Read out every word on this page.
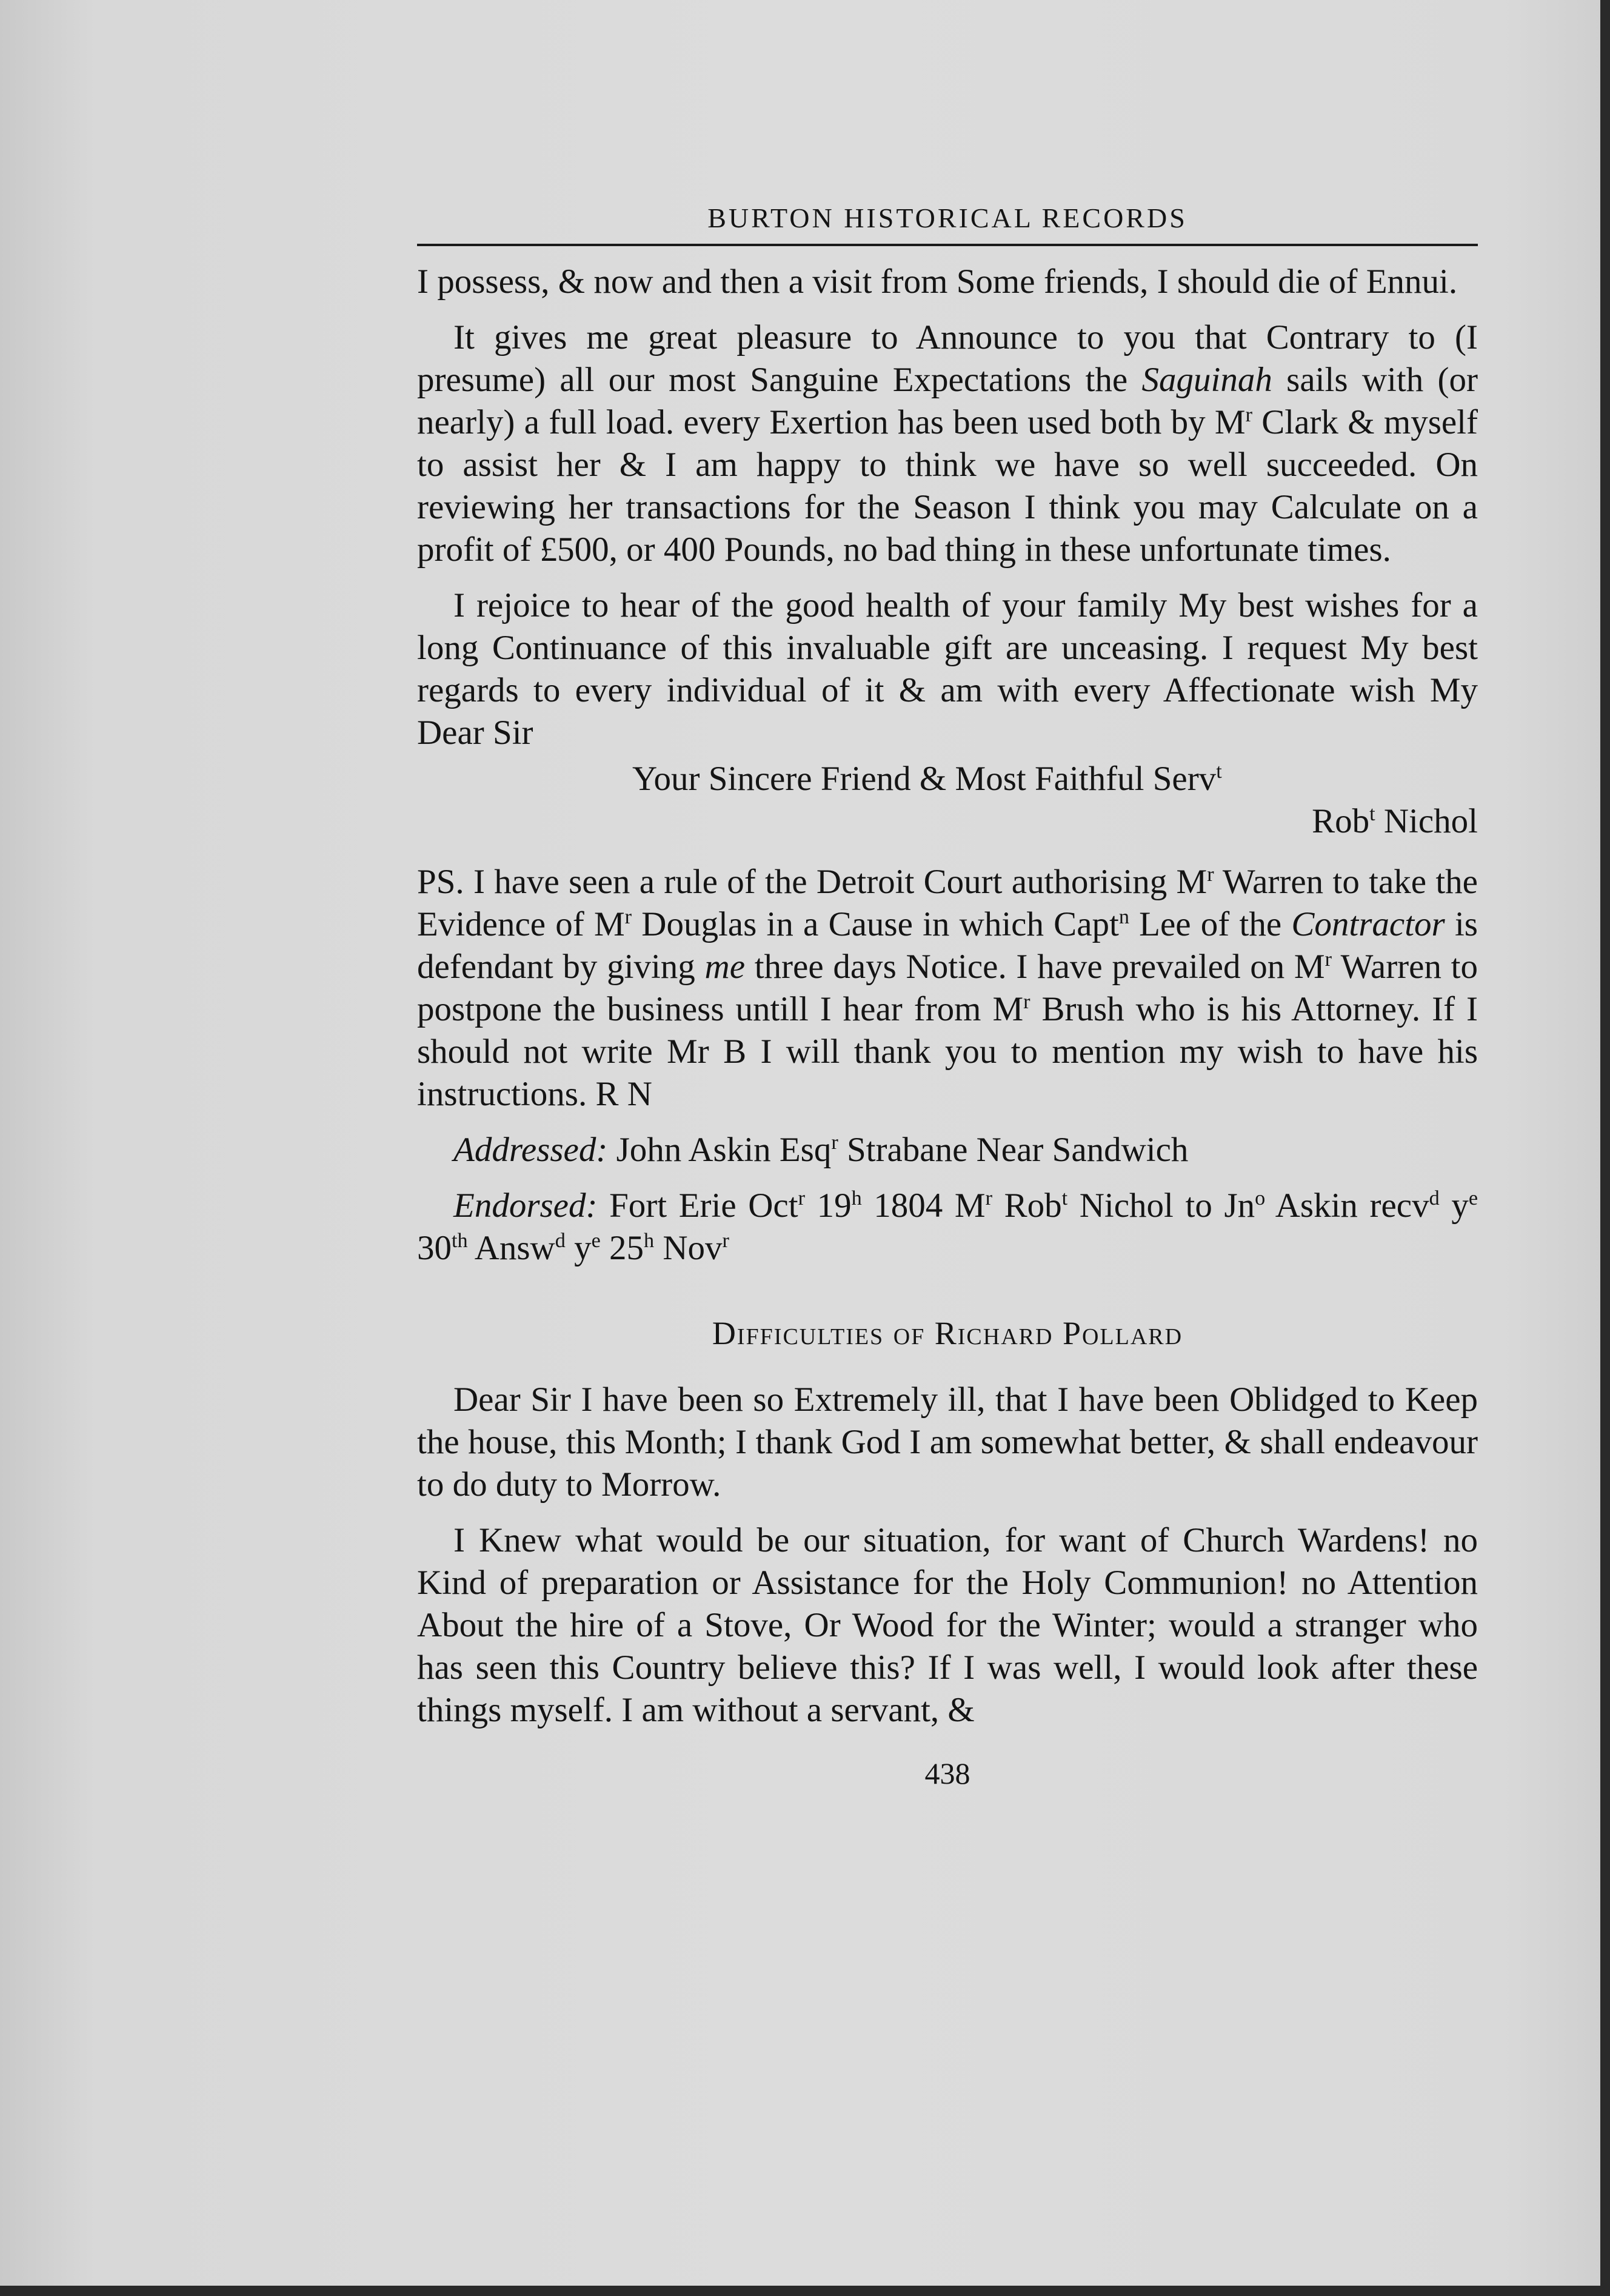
BURTON HISTORICAL RECORDS

I possess, & now and then a visit from Some friends, I should die of Ennui.

It gives me great pleasure to Announce to you that Contrary to (I presume) all our most Sanguine Expectations the Saguinah sails with (or nearly) a full load. every Exertion has been used both by $M^r$ Clark & myself to assist her & I am happy to think we have so well succeeded. On reviewing her transactions for the Season I think you may Calculate on a profit of £500, or 400 Pounds, no bad thing in these unfortunate times.

I rejoice to hear of the good health of your family My best wishes for a long Continuance of this invaluable gift are unceasing. I request My best regards to every individual of it & am with every Affectionate wish My Dear Sir

Your Sincere Friend & Most Faithful Serv$^t$

Rob$^t$ Nichol

PS. I have seen a rule of the Detroit Court authorising $M^r$ Warren to take the Evidence of $M^r$ Douglas in a Cause in which Capt$^n$ Lee of the Contractor is defendant by giving me three days Notice. I have prevailed on $M^r$ Warren to postpone the business untill I hear from $M^r$ Brush who is his Attorney. If I should not write Mr B I will thank you to mention my wish to have his instructions. R N

Addressed: John Askin Esq$^r$ Strabane Near Sandwich

Endorsed: Fort Erie Oct$^r$ 19$^h$ 1804 $M^r$ Rob$^t$ Nichol to Jn$^o$ Askin recv$^d$ $y^e$ 30th Answ$^d$ $y^e$ 25$^h$ Nov$^r$

Difficulties of Richard Pollard

Dear Sir I have been so Extremely ill, that I have been Oblidged to Keep the house, this Month; I thank God I am somewhat better, & shall endeavour to do duty to Morrow.

I Knew what would be our situation, for want of Church Wardens! no Kind of preparation or Assistance for the Holy Communion! no Attention About the hire of a Stove, Or Wood for the Winter; would a stranger who has seen this Country believe this? If I was well, I would look after these things myself. I am without a servant, &

438
